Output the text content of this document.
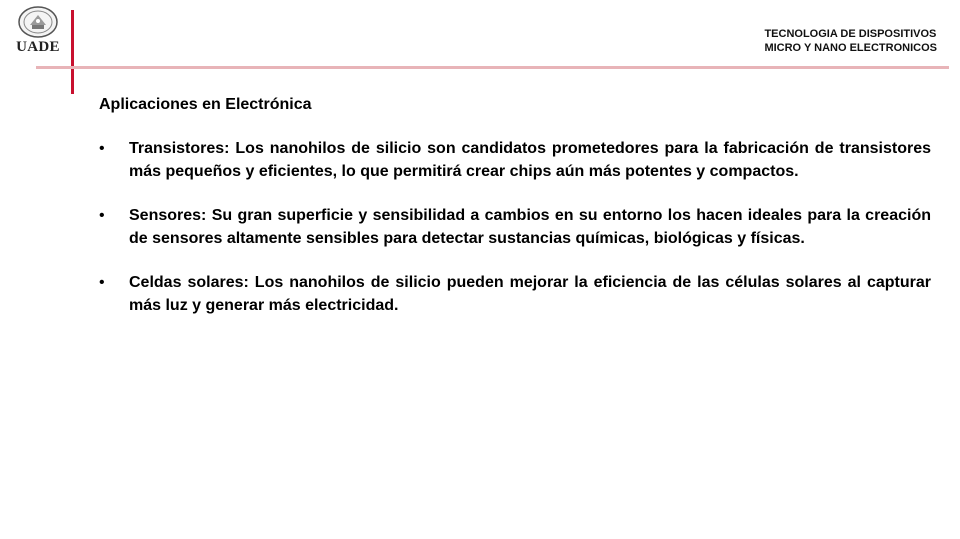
UADE
TECNOLOGIA DE DISPOSITIVOS
MICRO Y NANO ELECTRONICOS
Aplicaciones en Electrónica
• Transistores: Los nanohilos de silicio son candidatos prometedores para la fabricación de transistores más pequeños y eficientes, lo que permitirá crear chips aún más potentes y compactos.
• Sensores: Su gran superficie y sensibilidad a cambios en su entorno los hacen ideales para la creación de sensores altamente sensibles para detectar sustancias químicas, biológicas y físicas.
• Celdas solares: Los nanohilos de silicio pueden mejorar la eficiencia de las células solares al capturar más luz y generar más electricidad.
